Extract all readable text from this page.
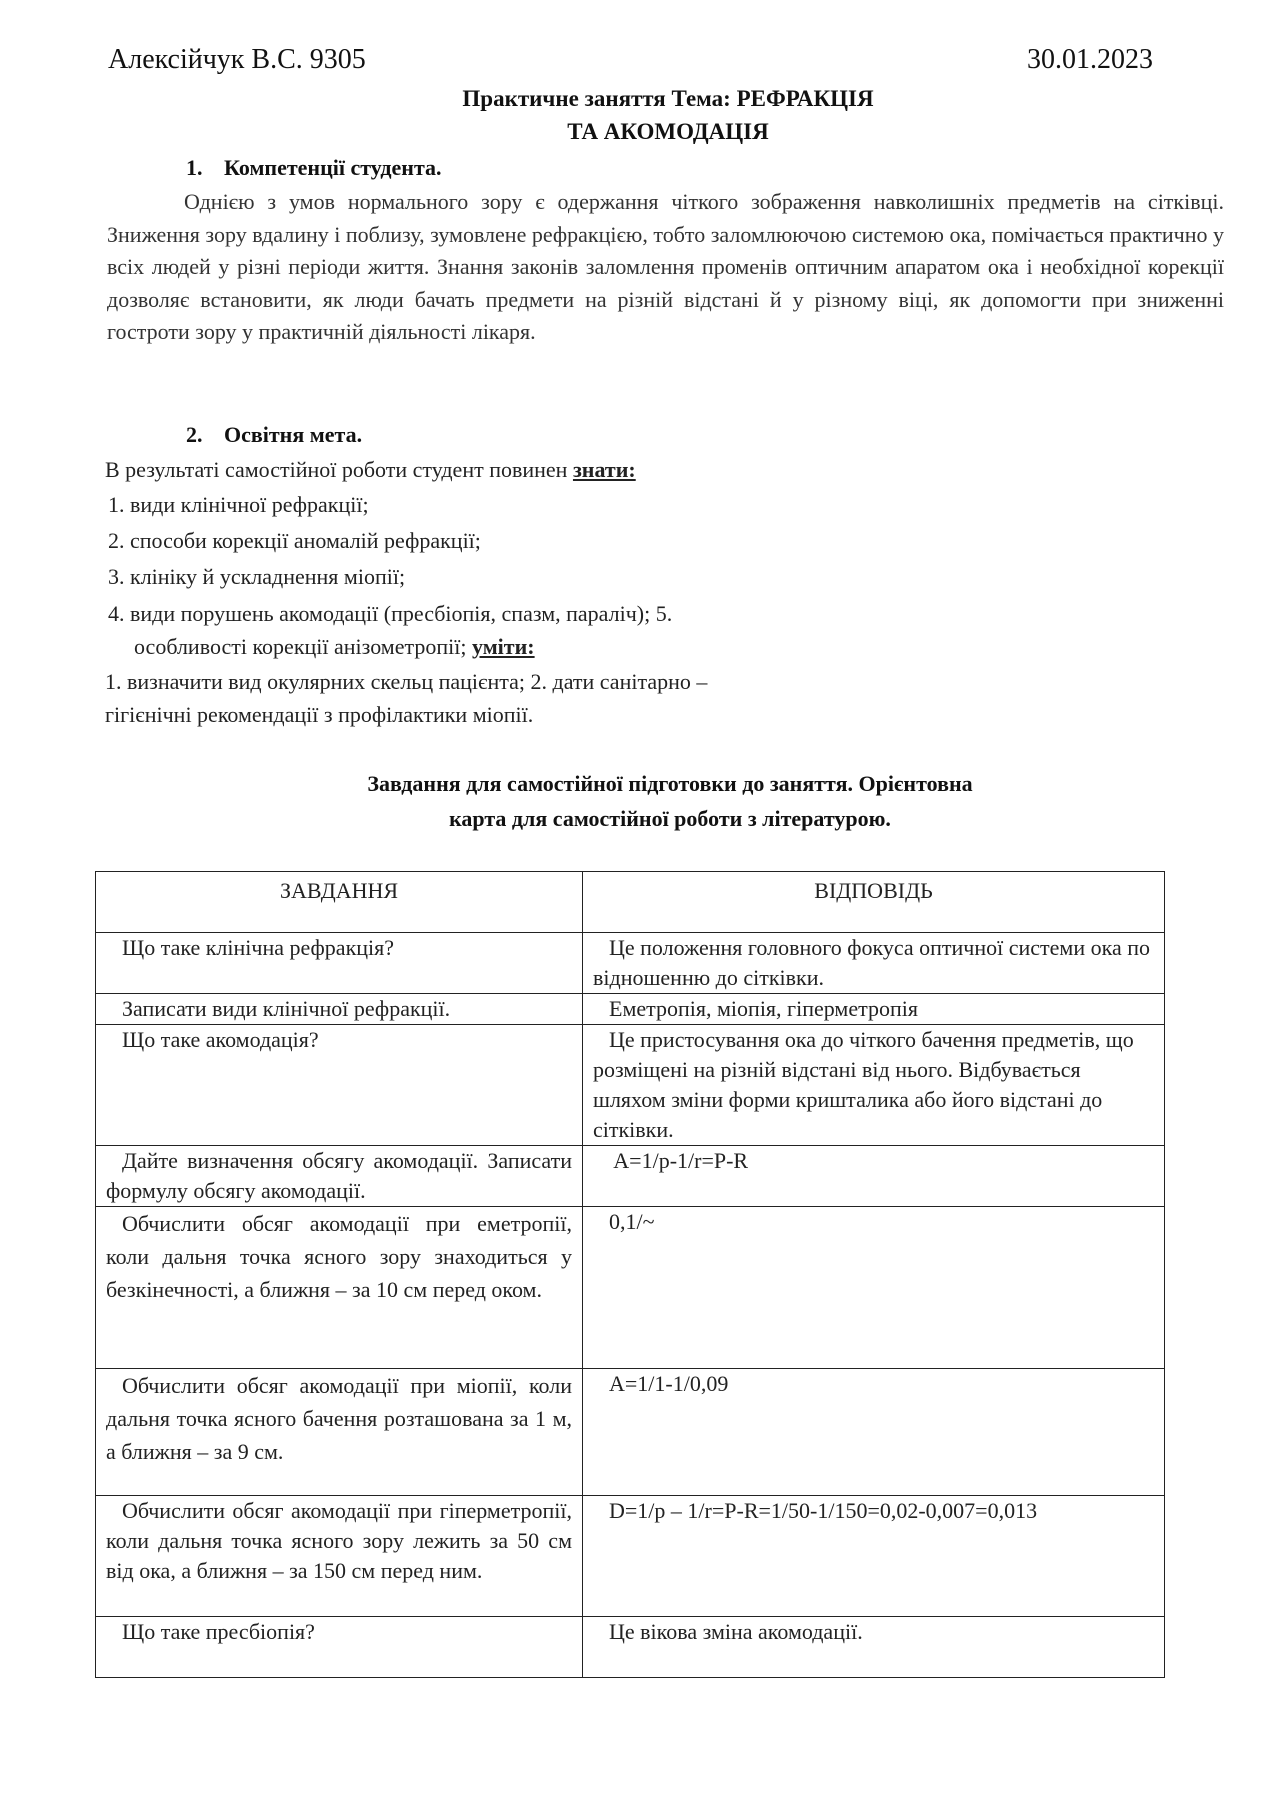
Алексійчук В.С. 9305	30.01.2023
Практичне заняття Тема: РЕФРАКЦІЯ
ТА АКОМОДАЦІЯ
1. Компетенції студента.
Однією з умов нормального зору є одержання чіткого зображення навколишніх предметів на сітківці. Зниження зору вдалину і поблизу, зумовлене рефракцією, тобто заломлюючою системою ока, помічається практично у всіх людей у різні періоди життя. Знання законів заломлення променів оптичним апаратом ока і необхідної корекції дозволяє встановити, як люди бачать предмети на різній відстані й у різному віці, як допомогти при зниженні гостроти зору у практичній діяльності лікаря.
2. Освітня мета.
В результаті самостійної роботи студент повинен знати:
1. види клінічної рефракції;
2. способи корекції аномалій рефракції;
3. клініку й ускладнення міопії;
4. види порушень акомодації (пресбіопія, спазм, параліч); 5.
особливості корекції анізометропії; уміти:
1. визначити вид окулярних скельц пацієнта; 2. дати санітарно –
гігієнічні рекомендації з профілактики міопії.
Завдання для самостійної підготовки до заняття. Орієнтовна
карта для самостійної роботи з літературою.
ЗАВДАННЯ	ВІДПОВІДЬ
Що таке клінічна рефракція?	Це положення головного фокуса оптичної системи ока по відношенню до сітківки.
Записати види клінічної рефракції.	Еметропія, міопія, гіперметропія
Що таке акомодація?	Це пристосування ока до чіткого бачення предметів, що розміщені на різній відстані від нього. Відбувається шляхом зміни форми кришталика або його відстані до сітківки.
Дайте визначення обсягу акомодації. Записати формулу обсягу акомодації.	A=1/p-1/r=P-R
Обчислити обсяг акомодації при еметропії, коли дальня точка ясного зору знаходиться у безкінечності, а ближня – за 10 см перед оком.	0,1/~
Обчислити обсяг акомодації при міопії, коли дальня точка ясного бачення розташована за 1 м, а ближня – за 9 см.	A=1/1-1/0,09
Обчислити обсяг акомодації при гіперметропії, коли дальня точка ясного зору лежить за 50 см від ока, а ближня – за 150 см перед ним.	D=1/p – 1/r=P-R=1/50-1/150=0,02-0,007=0,013
Що таке пресбіопія?	Це вікова зміна акомодації.
